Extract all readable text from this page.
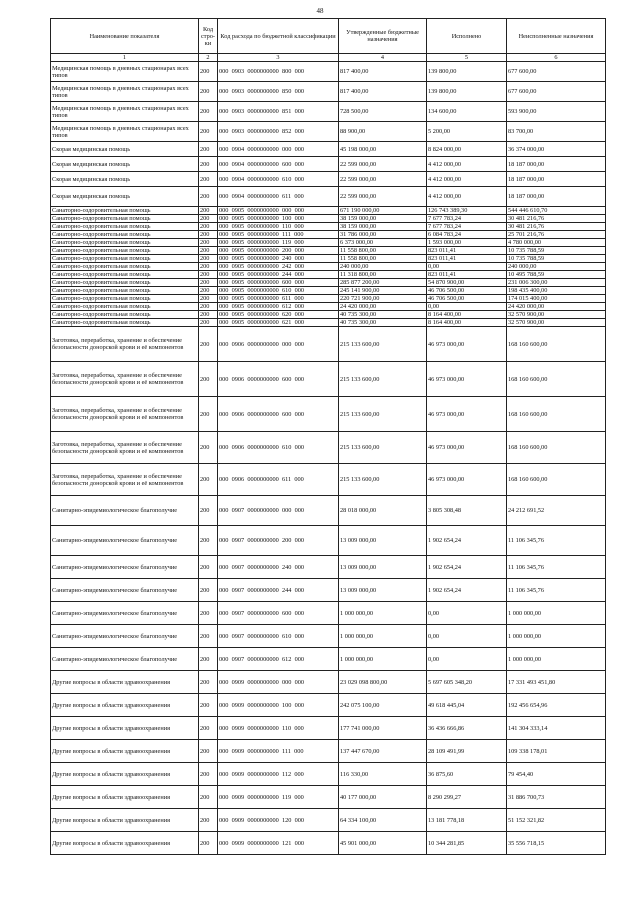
48
Наименование показателя	Код стро-ки	Код расхода по бюджетной классификации	Утвержденные бюджетные назначения	Исполнено	Неисполненные назначения
1	2	3	4	5	6
Медицинская помощь в дневных стационарах всех типов	200	000  0903  0000000000  800  000	817 400,00	139 800,00	677 600,00
Медицинская помощь в дневных стационарах всех типов	200	000  0903  0000000000  850  000	817 400,00	139 800,00	677 600,00
Медицинская помощь в дневных стационарах всех типов	200	000  0903  0000000000  851  000	728 500,00	134 600,00	593 900,00
Медицинская помощь в дневных стационарах всех типов	200	000  0903  0000000000  852  000	88 900,00	5 200,00	83 700,00
Скорая медицинская помощь	200	000  0904  0000000000  000  000	45 198 000,00	8 824 000,00	36 374 000,00
Скорая медицинская помощь	200	000  0904  0000000000  600  000	22 599 000,00	4 412 000,00	18 187 000,00
Скорая медицинская помощь	200	000  0904  0000000000  610  000	22 599 000,00	4 412 000,00	18 187 000,00
Скорая медицинская помощь	200	000  0904  0000000000  611  000	22 599 000,00	4 412 000,00	18 187 000,00
Санаторно-оздоровительная помощь	200	000  0905  0000000000  000  000	671 190 000,00	126 743 389,30	544 446 610,70
Санаторно-оздоровительная помощь	200	000  0905  0000000000  100  000	38 159 000,00	7 677 783,24	30 481 216,76
Санаторно-оздоровительная помощь	200	000  0905  0000000000  110  000	38 159 000,00	7 677 783,24	30 481 216,76
Санаторно-оздоровительная помощь	200	000  0905  0000000000  111  000	31 786 000,00	6 084 783,24	25 701 216,76
Санаторно-оздоровительная помощь	200	000  0905  0000000000  119  000	6 373 000,00	1 593 000,00	4 780 000,00
Санаторно-оздоровительная помощь	200	000  0905  0000000000  200  000	11 558 800,00	823 011,41	10 735 788,59
Санаторно-оздоровительная помощь	200	000  0905  0000000000  240  000	11 558 800,00	823 011,41	10 735 788,59
Санаторно-оздоровительная помощь	200	000  0905  0000000000  242  000	240 000,00	0,00	240 000,00
Санаторно-оздоровительная помощь	200	000  0905  0000000000  244  000	11 318 800,00	823 011,41	10 495 788,59
Санаторно-оздоровительная помощь	200	000  0905  0000000000  600  000	285 877 200,00	54 870 900,00	231 006 300,00
Санаторно-оздоровительная помощь	200	000  0905  0000000000  610  000	245 141 900,00	46 706 500,00	198 435 400,00
Санаторно-оздоровительная помощь	200	000  0905  0000000000  611  000	220 721 900,00	46 706 500,00	174 015 400,00
Санаторно-оздоровительная помощь	200	000  0905  0000000000  612  000	24 420 000,00	0,00	24 420 000,00
Санаторно-оздоровительная помощь	200	000  0905  0000000000  620  000	40 735 300,00	8 164 400,00	32 570 900,00
Санаторно-оздоровительная помощь	200	000  0905  0000000000  621  000	40 735 300,00	8 164 400,00	32 570 900,00
Заготовка, переработка, хранение и обеспечение безопасности донорской крови и её компонентов	200	000  0906  0000000000  000  000	215 133 600,00	46 973 000,00	168 160 600,00
Заготовка, переработка, хранение и обеспечение безопасности донорской крови и её компонентов	200	000  0906  0000000000  600  000	215 133 600,00	46 973 000,00	168 160 600,00
Заготовка, переработка, хранение и обеспечение безопасности донорской крови и её компонентов	200	000  0906  0000000000  600  000	215 133 600,00	46 973 000,00	168 160 600,00
Заготовка, переработка, хранение и обеспечение безопасности донорской крови и её компонентов	200	000  0906  0000000000  610  000	215 133 600,00	46 973 000,00	168 160 600,00
Заготовка, переработка, хранение и обеспечение безопасности донорской крови и её компонентов	200	000  0906  0000000000  611  000	215 133 600,00	46 973 000,00	168 160 600,00
Санитарно-эпидемиологическое благополучие	200	000  0907  0000000000  000  000	28 018 000,00	3 805 308,48	24 212 691,52
Санитарно-эпидемиологическое благополучие	200	000  0907  0000000000  200  000	13 009 000,00	1 902 654,24	11 106 345,76
Санитарно-эпидемиологическое благополучие	200	000  0907  0000000000  240  000	13 009 000,00	1 902 654,24	11 106 345,76
Санитарно-эпидемиологическое благополучие	200	000  0907  0000000000  244  000	13 009 000,00	1 902 654,24	11 106 345,76
Санитарно-эпидемиологическое благополучие	200	000  0907  0000000000  600  000	1 000 000,00	0,00	1 000 000,00
Санитарно-эпидемиологическое благополучие	200	000  0907  0000000000  610  000	1 000 000,00	0,00	1 000 000,00
Санитарно-эпидемиологическое благополучие	200	000  0907  0000000000  612  000	1 000 000,00	0,00	1 000 000,00
Другие вопросы в области здравоохранения	200	000  0909  0000000000  000  000	23 029 098 800,00	5 697 605 348,20	17 331 493 451,80
Другие вопросы в области здравоохранения	200	000  0909  0000000000  100  000	242 075 100,00	49 618 445,04	192 456 654,96
Другие вопросы в области здравоохранения	200	000  0909  0000000000  110  000	177 741 000,00	36 436 666,86	141 304 333,14
Другие вопросы в области здравоохранения	200	000  0909  0000000000  111  000	137 447 670,00	28 109 491,99	109 338 178,01
Другие вопросы в области здравоохранения	200	000  0909  0000000000  112  000	116 330,00	36 875,60	79 454,40
Другие вопросы в области здравоохранения	200	000  0909  0000000000  119  000	40 177 000,00	8 290 299,27	31 886 700,73
Другие вопросы в области здравоохранения	200	000  0909  0000000000  120  000	64 334 100,00	13 181 778,18	51 152 321,82
Другие вопросы в области здравоохранения	200	000  0909  0000000000  121  000	45 901 000,00	10 344 281,85	35 556 718,15
